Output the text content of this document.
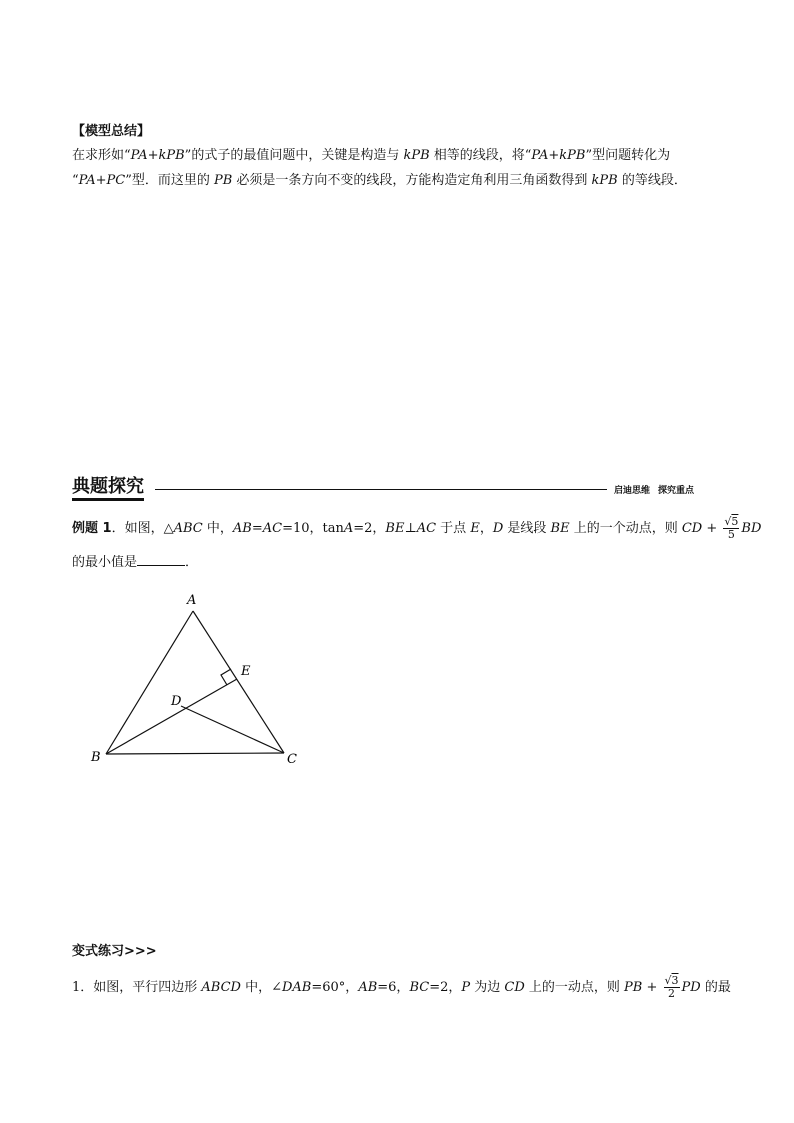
【模型总结】
在求形如“PA+kPB”的式子的最值问题中，关键是构造与 kPB 相等的线段，将“PA+kPB”型问题转化为
“PA+PC”型．而这里的 PB 必须是一条方向不变的线段，方能构造定角利用三角函数得到 kPB 的等线段．
典题探究	启迪思维 探究重点
例题 1．如图，△ABC 中，AB=AC=10，tanA=2，BE⊥AC 于点 E，D 是线段 BE 上的一个动点，则 CD + $\frac{√5}{5}$ BD
的最小值是	．
A
B	C
D
E
变式练习>>>
1．如图，平行四边形 ABCD 中，∠DAB=60°，AB=6，BC=2，P 为边 CD 上的一动点，则 PB + $\frac{√3}{2}$ PD 的最
